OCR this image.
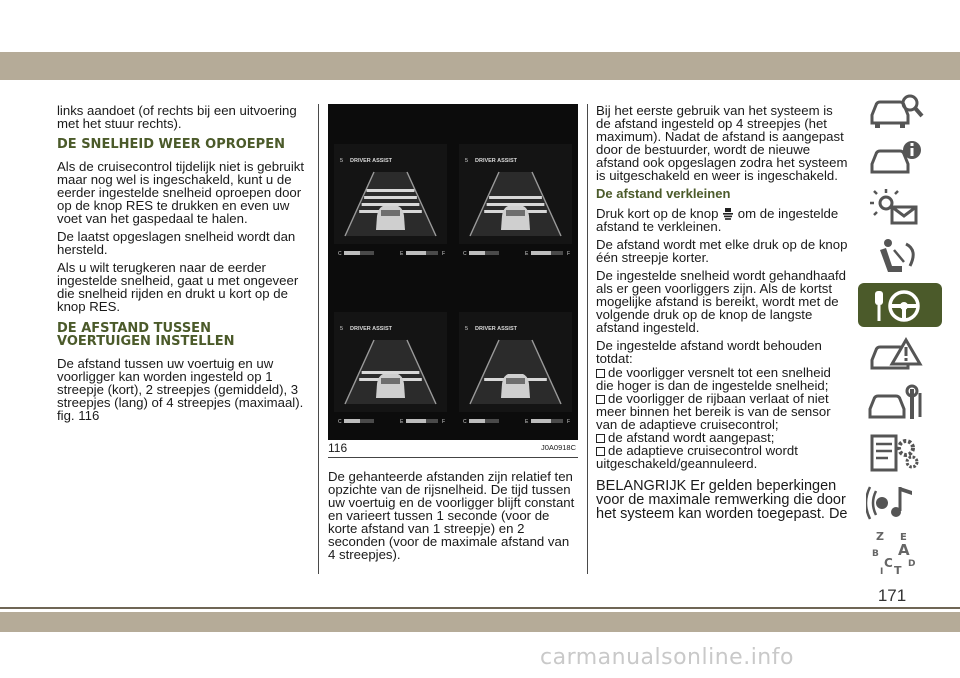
links aandoet (of rechts bij een uitvoering met het stuur rechts).

DE SNELHEID WEER OPROEPEN

Als de cruisecontrol tijdelijk niet is gebruikt maar nog wel is ingeschakeld, kunt u de eerder ingestelde snelheid oproepen door op de knop RES te drukken en even uw voet van het gaspedaal te halen.

De laatst opgeslagen snelheid wordt dan hersteld.

Als u wilt terugkeren naar de eerder ingestelde snelheid, gaat u met ongeveer die snelheid rijden en drukt u kort op de knop RES.

DE AFSTAND TUSSEN
VOERTUIGEN INSTELLEN

De afstand tussen uw voertuig en uw voorligger kan worden ingesteld op 1 streepje (kort), 2 streepjes (gemiddeld), 3 streepjes (lang) of 4 streepjes (maximaal). fig. 116

5 DRIVER ASSIST
C	E	F
5 DRIVER ASSIST
C	E	F
5 DRIVER ASSIST
C	E	F
5 DRIVER ASSIST
C	E	F
116	J0A0918C

De gehanteerde afstanden zijn relatief ten opzichte van de rijsnelheid. De tijd tussen uw voertuig en de voorligger blijft constant en varieert tussen 1 seconde (voor de korte afstand van 1 streepje) en 2 seconden (voor de maximale afstand van 4 streepjes).

Bij het eerste gebruik van het systeem is de afstand ingesteld op 4 streepjes (het maximum). Nadat de afstand is aangepast door de bestuurder, wordt de nieuwe afstand ook opgeslagen zodra het systeem is uitgeschakeld en weer is ingeschakeld.

De afstand verkleinen

Druk kort op de knop om de ingestelde afstand te verkleinen.

De afstand wordt met elke druk op de knop één streepje korter.

De ingestelde snelheid wordt gehandhaafd als er geen voorliggers zijn. Als de kortst mogelijke afstand is bereikt, wordt met de volgende druk op de knop de langste afstand ingesteld.

De ingestelde afstand wordt behouden totdat:

de voorligger versnelt tot een snelheid die hoger is dan de ingestelde snelheid;
de voorligger de rijbaan verlaat of niet meer binnen het bereik is van de sensor van de adaptieve cruisecontrol;
de afstand wordt aangepast;
de adaptieve cruisecontrol wordt uitgeschakeld/geannuleerd.

BELANGRIJK Er gelden beperkingen voor de maximale remwerking die door het systeem kan worden toegepast. De

Z E
A
B
C D
I T
171
carmanualsonline.info
